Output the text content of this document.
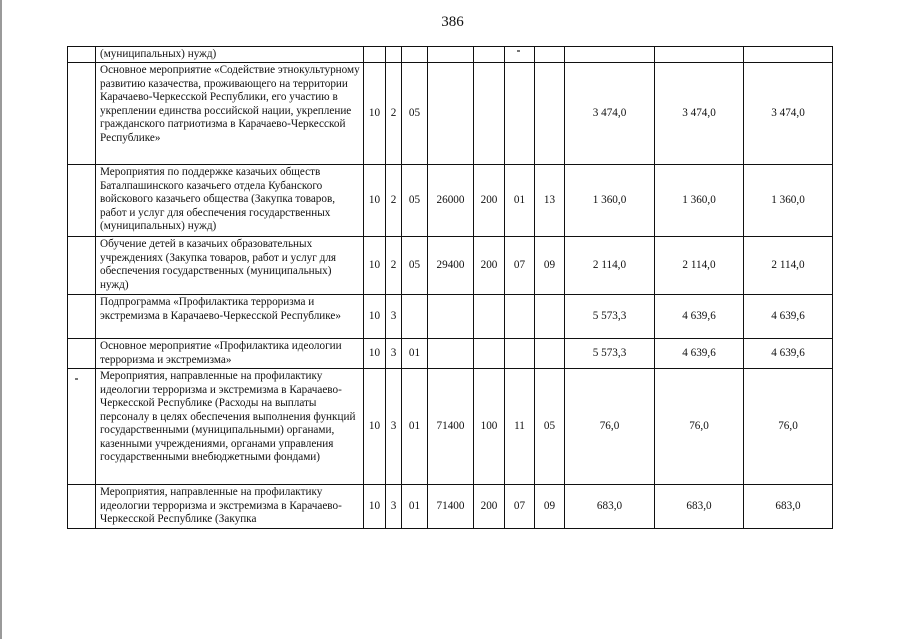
386
	(муниципальных) нужд)										
	Основное мероприятие «Содействие этнокультурному развитию казачества, проживающего на территории Карачаево-Черкесской Республики, его участию в укреплении единства российской нации, укрепление гражданского патриотизма в Карачаево-Черкесской Республике»	10	2	05					3 474,0	3 474,0	3 474,0
	Мероприятия по поддержке казачьих обществ Баталпашинского казачьего отдела Кубанского войскового казачьего общества (Закупка товаров, работ и услуг для обеспечения государственных (муниципальных) нужд)	10	2	05	26000	200	01	13	1 360,0	1 360,0	1 360,0
	Обучение детей в казачьих образовательных учреждениях (Закупка товаров, работ и услуг для обеспечения государственных (муниципальных) нужд)	10	2	05	29400	200	07	09	2 114,0	2 114,0	2 114,0
	Подпрограмма «Профилактика терроризма и экстремизма в Карачаево-Черкесской Республике»	10	3						5 573,3	4 639,6	4 639,6
	Основное мероприятие «Профилактика идеологии терроризма и экстремизма»	10	3	01					5 573,3	4 639,6	4 639,6
	Мероприятия, направленные на профилактику идеологии терроризма и экстремизма в Карачаево-Черкесской Республике (Расходы на выплаты персоналу в целях обеспечения выполнения функций государственными (муниципальными) органами, казенными учреждениями, органами управления государственными внебюджетными фондами)	10	3	01	71400	100	11	05	76,0	76,0	76,0
	Мероприятия, направленные на профилактику идеологии терроризма и экстремизма в Карачаево-Черкесской Республике (Закупка	10	3	01	71400	200	07	09	683,0	683,0	683,0
